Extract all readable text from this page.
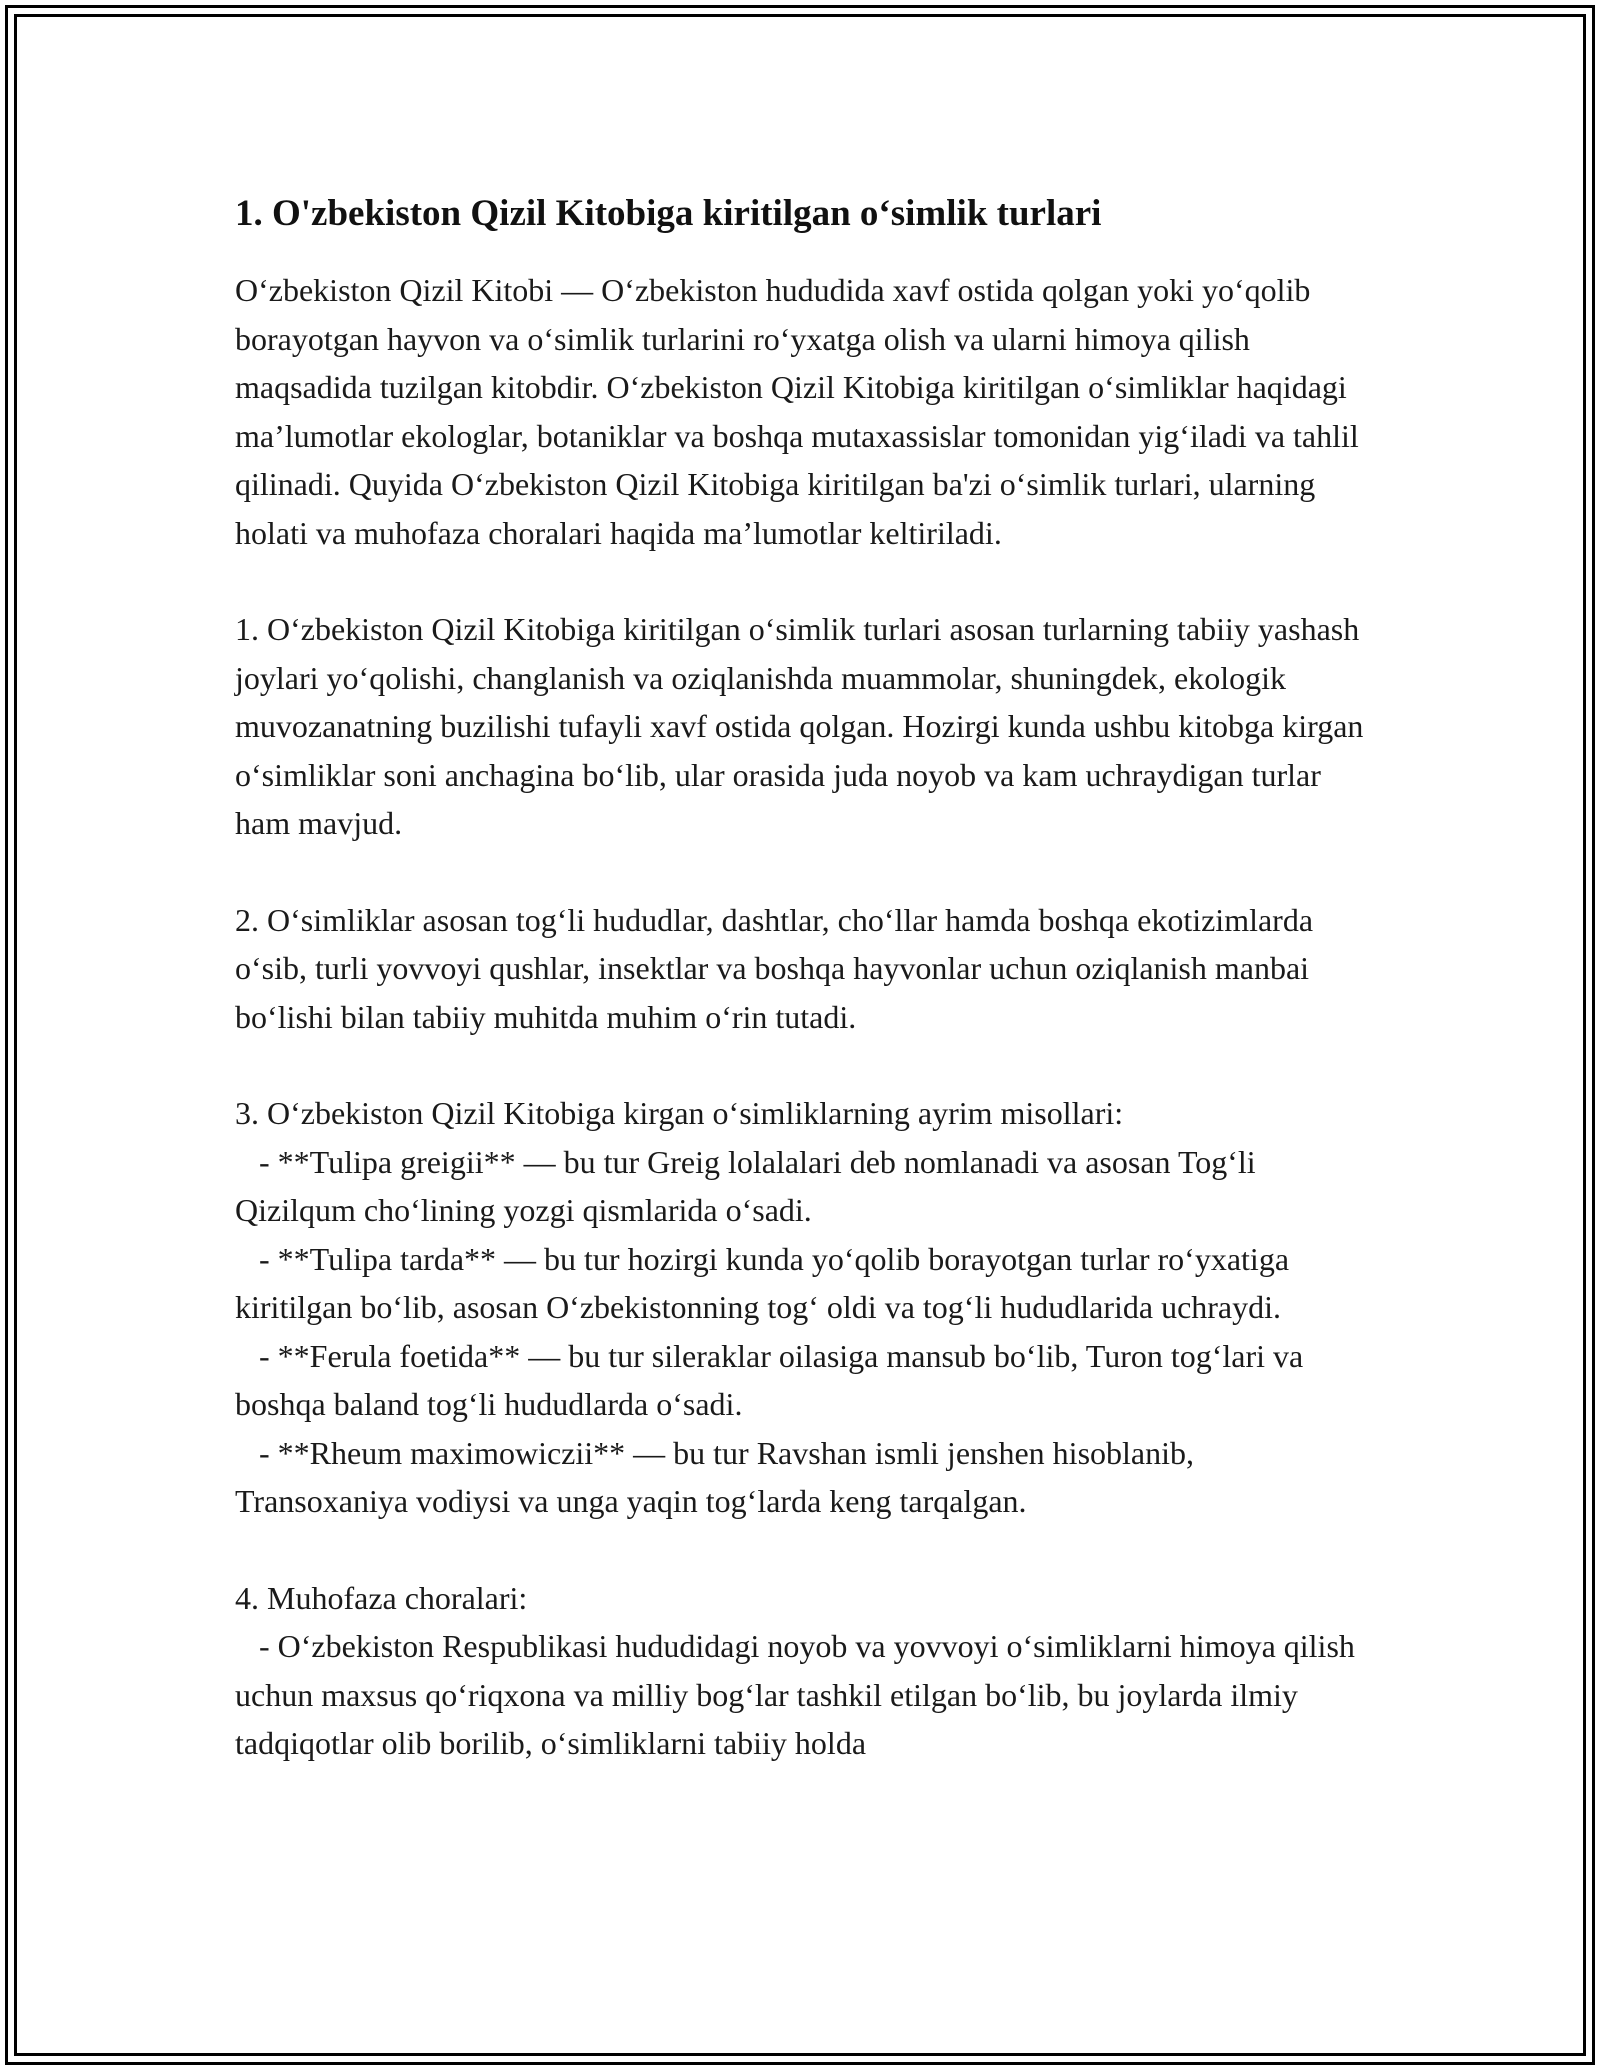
1. O'zbekiston Qizil Kitobiga kiritilgan o‘simlik turlari

O‘zbekiston Qizil Kitobi — O‘zbekiston hududida xavf ostida qolgan yoki yo‘qolib borayotgan hayvon va o‘simlik turlarini ro‘yxatga olish va ularni himoya qilish maqsadida tuzilgan kitobdir. O‘zbekiston Qizil Kitobiga kiritilgan o‘simliklar haqidagi ma’lumotlar ekologlar, botaniklar va boshqa mutaxassislar tomonidan yig‘iladi va tahlil qilinadi. Quyida O‘zbekiston Qizil Kitobiga kiritilgan ba'zi o‘simlik turlari, ularning holati va muhofaza choralari haqida ma’lumotlar keltiriladi.

1. O‘zbekiston Qizil Kitobiga kiritilgan o‘simlik turlari asosan turlarning tabiiy yashash joylari yo‘qolishi, changlanish va oziqlanishda muammolar, shuningdek, ekologik muvozanatning buzilishi tufayli xavf ostida qolgan. Hozirgi kunda ushbu kitobga kirgan o‘simliklar soni anchagina bo‘lib, ular orasida juda noyob va kam uchraydigan turlar ham mavjud.

2. O‘simliklar asosan tog‘li hududlar, dashtlar, cho‘llar hamda boshqa ekotizimlarda o‘sib, turli yovvoyi qushlar, insektlar va boshqa hayvonlar uchun oziqlanish manbai bo‘lishi bilan tabiiy muhitda muhim o‘rin tutadi.

3. O‘zbekiston Qizil Kitobiga kirgan o‘simliklarning ayrim misollari:
- **Tulipa greigii** — bu tur Greig lolalalari deb nomlanadi va asosan Tog‘li Qizilqum cho‘lining yozgi qismlarida o‘sadi.
- **Tulipa tarda** — bu tur hozirgi kunda yo‘qolib borayotgan turlar ro‘yxatiga kiritilgan bo‘lib, asosan O‘zbekistonning tog‘ oldi va tog‘li hududlarida uchraydi.
- **Ferula foetida** — bu tur sileraklar oilasiga mansub bo‘lib, Turon tog‘lari va boshqa baland tog‘li hududlarda o‘sadi.
- **Rheum maximowiczii** — bu tur Ravshan ismli jenshen hisoblanib, Transoxaniya vodiysi va unga yaqin tog‘larda keng tarqalgan.

4. Muhofaza choralari:
- O‘zbekiston Respublikasi hududidagi noyob va yovvoyi o‘simliklarni himoya qilish uchun maxsus qo‘riqxona va milliy bog‘lar tashkil etilgan bo‘lib, bu joylarda ilmiy tadqiqotlar olib borilib, o‘simliklarni tabiiy holda
